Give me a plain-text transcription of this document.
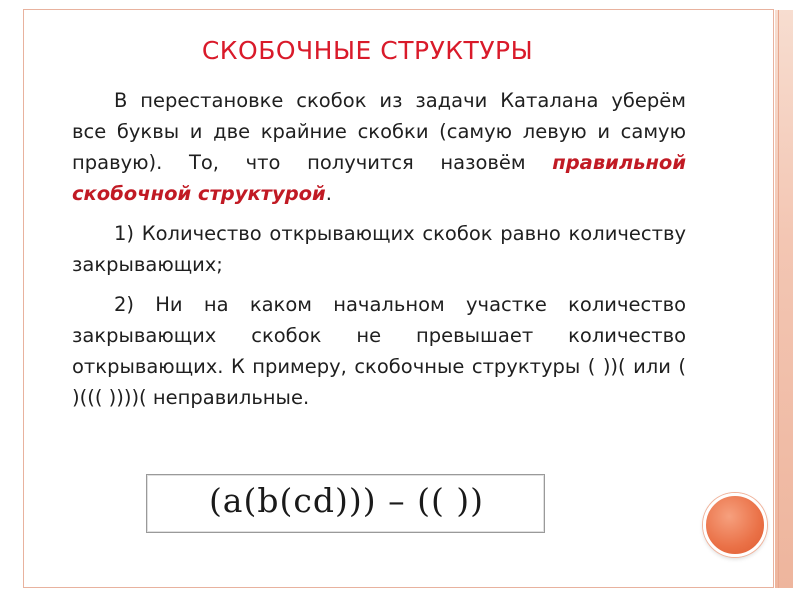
СКОБОЧНЫЕ СТРУКТУРЫ

В перестановке скобок из задачи Каталана уберём все буквы и две крайние скобки (самую левую и самую правую). То, что получится назовём правильной скобочной структурой.

1) Количество открывающих скобок равно количеству закрывающих;

2) Ни на каком начальном участке количество закрывающих скобок не превышает количество открывающих. К примеру, скобочные структуры ( ))( или ( )((( ))))( неправильные.

(a(b(cd))) – (( ))
